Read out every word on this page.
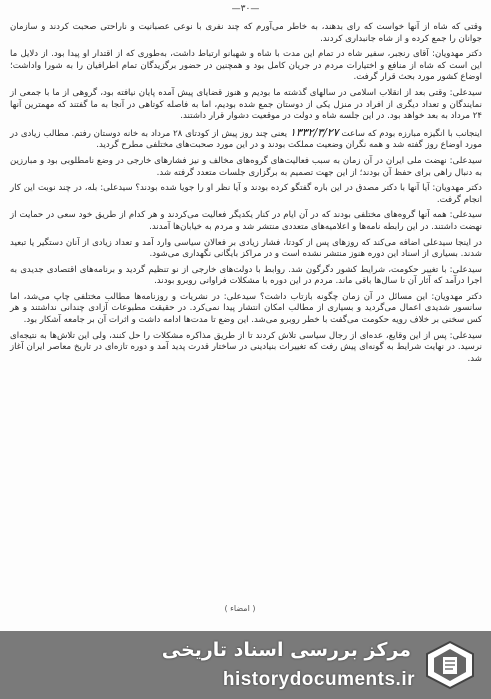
—۳۰—

وقتی که شاه از آنها خواست که رای بدهند، به خاطر می‌آورم که چند نفری با نوعی عصبانیت و ناراحتی صحبت کردند و سازمان جوانان را جمع کرده و از شاه جانبداری کردند.

دکتر مهدویان: آقای رنجبر، سفیر شاه در تمام این مدت با شاه و شهبانو ارتباط داشت، به‌طوری که از اقتدار او پیدا بود. از دلایل ما این است که شاه از منافع و اختیارات مردم در جریان کامل بود و همچنین در حضور برگزیدگان تمام اطرافیان را به شورا واداشت؛ اوضاع کشور مورد بحث قرار گرفت.

سیدعلی: وقتی بعد از انقلاب اسلامی در سالهای گذشته ما بودیم و هنوز قضایای پیش آمده پایان نیافته بود، گروهی از ما با جمعی از نمایندگان و تعداد دیگری از افراد در منزل یکی از دوستان جمع شده بودیم، اما به فاصله کوتاهی در آنجا به ما گفتند که مهمترین آنها ۲۴ مرداد به بعد خواهد بود. در این جلسه شاه و دولت در موقعیت دشوار قرار داشتند.

اینجانب با انگیزه مبارزه بودم که ساعت ۱۳۳۲/۳/۲۷ یعنی چند روز پیش از کودتای ۲۸ مرداد به خانه دوستان رفتم. مطالب زیادی در مورد اوضاع روز گفته شد و همه نگران وضعیت مملکت بودند و در این مورد صحبت‌های مختلفی مطرح گردید.

سیدعلی: نهضت ملی ایران در آن زمان به سبب فعالیت‌های گروه‌های مخالف و نیز فشارهای خارجی در وضع نامطلوبی بود و مبارزین به دنبال راهی برای حفظ آن بودند؛ از این جهت تصمیم به برگزاری جلسات متعدد گرفته شد.

دکتر مهدویان: آیا آنها با دکتر مصدق در این باره گفتگو کرده بودند و آیا نظر او را جویا شده بودند؟ سیدعلی: بله، در چند نوبت این کار انجام گرفت.

سیدعلی: همه آنها گروه‌های مختلفی بودند که در آن ایام در کنار یکدیگر فعالیت می‌کردند و هر کدام از طریق خود سعی در حمایت از نهضت داشتند. در این رابطه نامه‌ها و اعلامیه‌های متعددی منتشر شد و مردم به خیابان‌ها آمدند.

در اینجا سیدعلی اضافه می‌کند که روزهای پس از کودتا، فشار زیادی بر فعالان سیاسی وارد آمد و تعداد زیادی از آنان دستگیر یا تبعید شدند. بسیاری از اسناد این دوره هنوز منتشر نشده است و در مراکز بایگانی نگهداری می‌شود.

سیدعلی: با تغییر حکومت، شرایط کشور دگرگون شد. روابط با دولت‌های خارجی از نو تنظیم گردید و برنامه‌های اقتصادی جدیدی به اجرا درآمد که آثار آن تا سال‌ها باقی ماند. مردم در این دوره با مشکلات فراوانی روبرو بودند.

دکتر مهدویان: این مسائل در آن زمان چگونه بازتاب داشت؟ سیدعلی: در نشریات و روزنامه‌ها مطالب مختلفی چاپ می‌شد، اما سانسور شدیدی اعمال می‌گردید و بسیاری از مطالب امکان انتشار پیدا نمی‌کرد. در حقیقت مطبوعات آزادی چندانی نداشتند و هر کس سخنی بر خلاف رویه حکومت می‌گفت با خطر روبرو می‌شد. این وضع تا مدت‌ها ادامه داشت و اثرات آن بر جامعه آشکار بود.

سیدعلی: پس از این وقایع، عده‌ای از رجال سیاسی تلاش کردند تا از طریق مذاکره مشکلات را حل کنند، ولی این تلاش‌ها به نتیجه‌ای نرسید. در نهایت شرایط به گونه‌ای پیش رفت که تغییرات بنیادینی در ساختار قدرت پدید آمد و دوره تازه‌ای در تاریخ معاصر ایران آغاز شد.

( امضاء )
مرکز بررسی اسناد تاریخی
historydocuments.ir
